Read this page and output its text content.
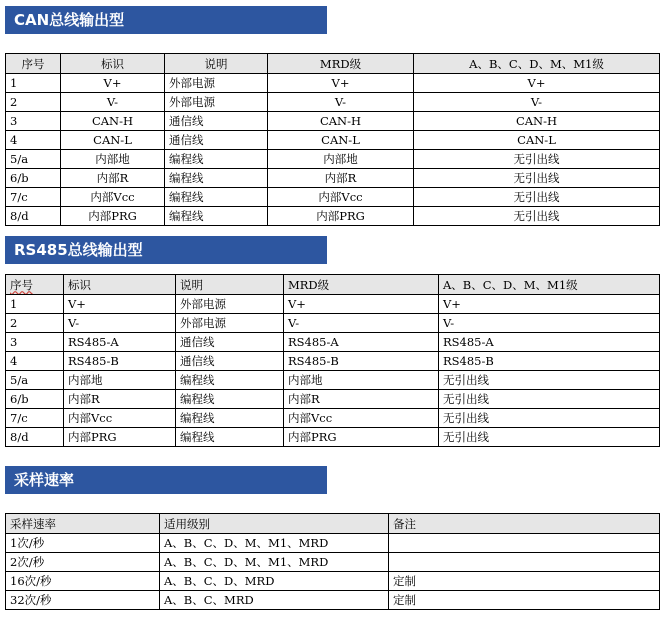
CAN总线输出型
序号	标识	说明	MRD级	A、B、C、D、M、M1级
1	V+	外部电源	V+	V+
2	V-	外部电源	V-	V-
3	CAN-H	通信线	CAN-H	CAN-H
4	CAN-L	通信线	CAN-L	CAN-L
5/a	内部地	编程线	内部地	无引出线
6/b	内部R	编程线	内部R	无引出线
7/c	内部Vcc	编程线	内部Vcc	无引出线
8/d	内部PRG	编程线	内部PRG	无引出线
RS485总线输出型
序号	标识	说明	MRD级	A、B、C、D、M、M1级
1	V+	外部电源	V+	V+
2	V-	外部电源	V-	V-
3	RS485-A	通信线	RS485-A	RS485-A
4	RS485-B	通信线	RS485-B	RS485-B
5/a	内部地	编程线	内部地	无引出线
6/b	内部R	编程线	内部R	无引出线
7/c	内部Vcc	编程线	内部Vcc	无引出线
8/d	内部PRG	编程线	内部PRG	无引出线
采样速率
采样速率	适用级别	备注
1次/秒	A、B、C、D、M、M1、MRD	
2次/秒	A、B、C、D、M、M1、MRD	
16次/秒	A、B、C、D、MRD	定制
32次/秒	A、B、C、MRD	定制
